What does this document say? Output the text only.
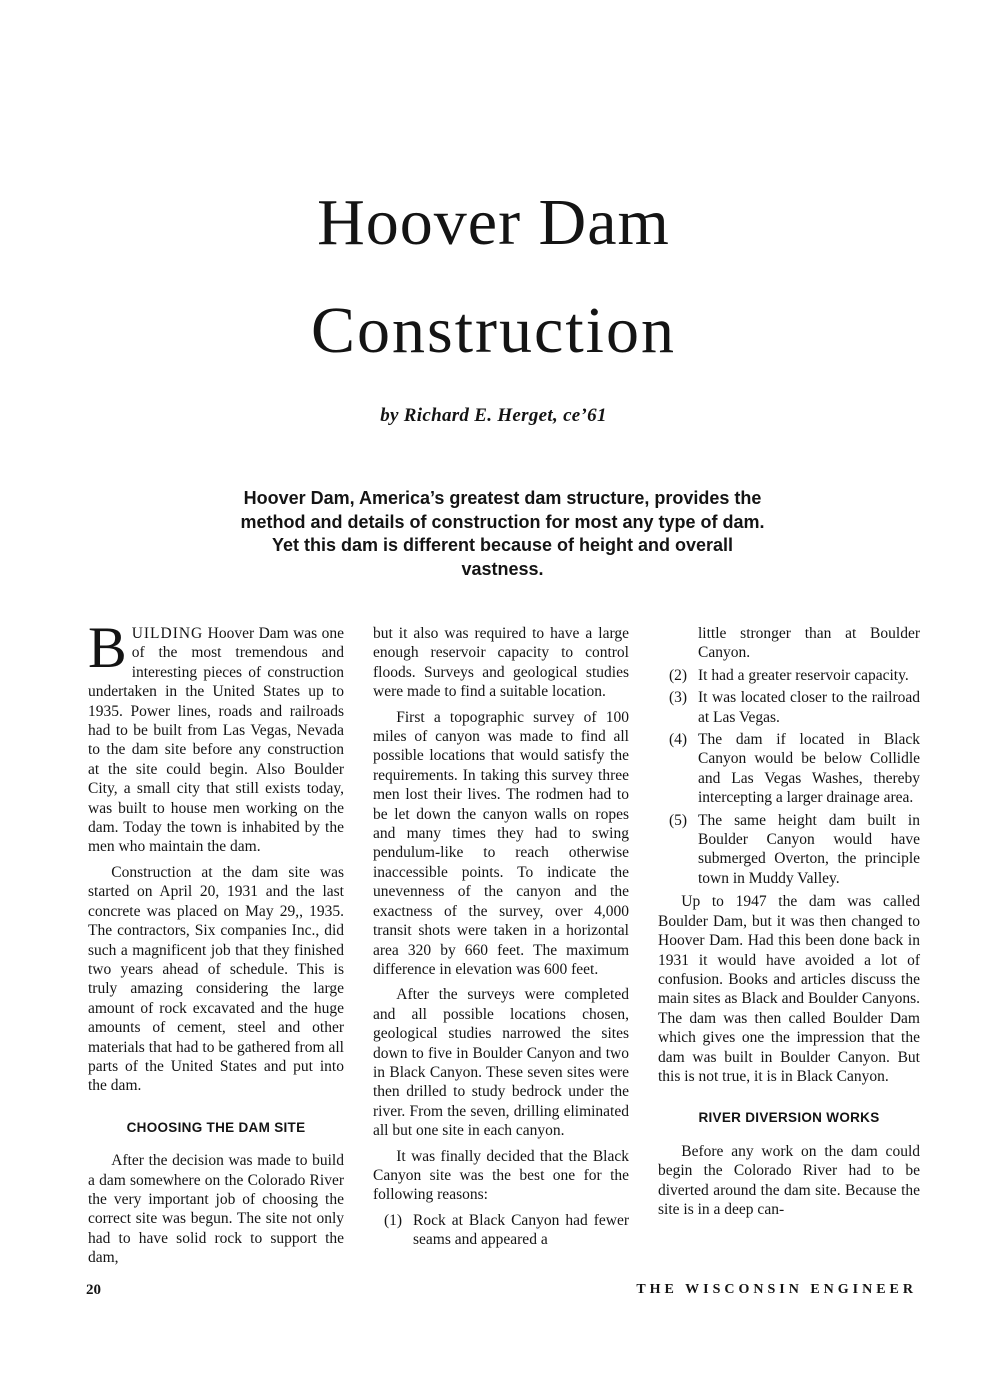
Hoover Dam
Construction
by Richard E. Herget, ce’61

Hoover Dam, America’s greatest dam structure, provides the method and details of construction for most any type of dam. Yet this dam is different because of height and overall vastness.

BUILDING Hoover Dam was one of the most tremendous and interesting pieces of construction undertaken in the United States up to 1935. Power lines, roads and railroads had to be built from Las Vegas, Nevada to the dam site before any construction at the site could begin. Also Boulder City, a small city that still exists today, was built to house men working on the dam. Today the town is inhabited by the men who maintain the dam.

Construction at the dam site was started on April 20, 1931 and the last concrete was placed on May 29,, 1935. The contractors, Six companies Inc., did such a magnificent job that they finished two years ahead of schedule. This is truly amazing considering the large amount of rock excavated and the huge amounts of cement, steel and other materials that had to be gathered from all parts of the United States and put into the dam.

CHOOSING THE DAM SITE

After the decision was made to build a dam somewhere on the Colorado River the very important job of choosing the correct site was begun. The site not only had to have solid rock to support the dam,

but it also was required to have a large enough reservoir capacity to control floods. Surveys and geological studies were made to find a suitable location.

First a topographic survey of 100 miles of canyon was made to find all possible locations that would satisfy the requirements. In taking this survey three men lost their lives. The rodmen had to be let down the canyon walls on ropes and many times they had to swing pendulum-like to reach otherwise inaccessible points. To indicate the unevenness of the canyon and the exactness of the survey, over 4,000 transit shots were taken in a horizontal area 320 by 660 feet. The maximum difference in elevation was 600 feet.

After the surveys were completed and all possible locations chosen, geological studies narrowed the sites down to five in Boulder Canyon and two in Black Canyon. These seven sites were then drilled to study bedrock under the river. From the seven, drilling eliminated all but one site in each canyon.

It was finally decided that the Black Canyon site was the best one for the following reasons:

(1) Rock at Black Canyon had fewer seams and appeared a
little stronger than at Boulder Canyon.
(2) It had a greater reservoir capacity.
(3) It was located closer to the railroad at Las Vegas.
(4) The dam if located in Black Canyon would be below Collidle and Las Vegas Washes, thereby intercepting a larger drainage area.
(5) The same height dam built in Boulder Canyon would have submerged Overton, the principle town in Muddy Valley.

Up to 1947 the dam was called Boulder Dam, but it was then changed to Hoover Dam. Had this been done back in 1931 it would have avoided a lot of confusion. Books and articles discuss the main sites as Black and Boulder Canyons. The dam was then called Boulder Dam which gives one the impression that the dam was built in Boulder Canyon. But this is not true, it is in Black Canyon.

RIVER DIVERSION WORKS

Before any work on the dam could begin the Colorado River had to be diverted around the dam site. Because the site is in a deep can-

20	THE WISCONSIN ENGINEER
